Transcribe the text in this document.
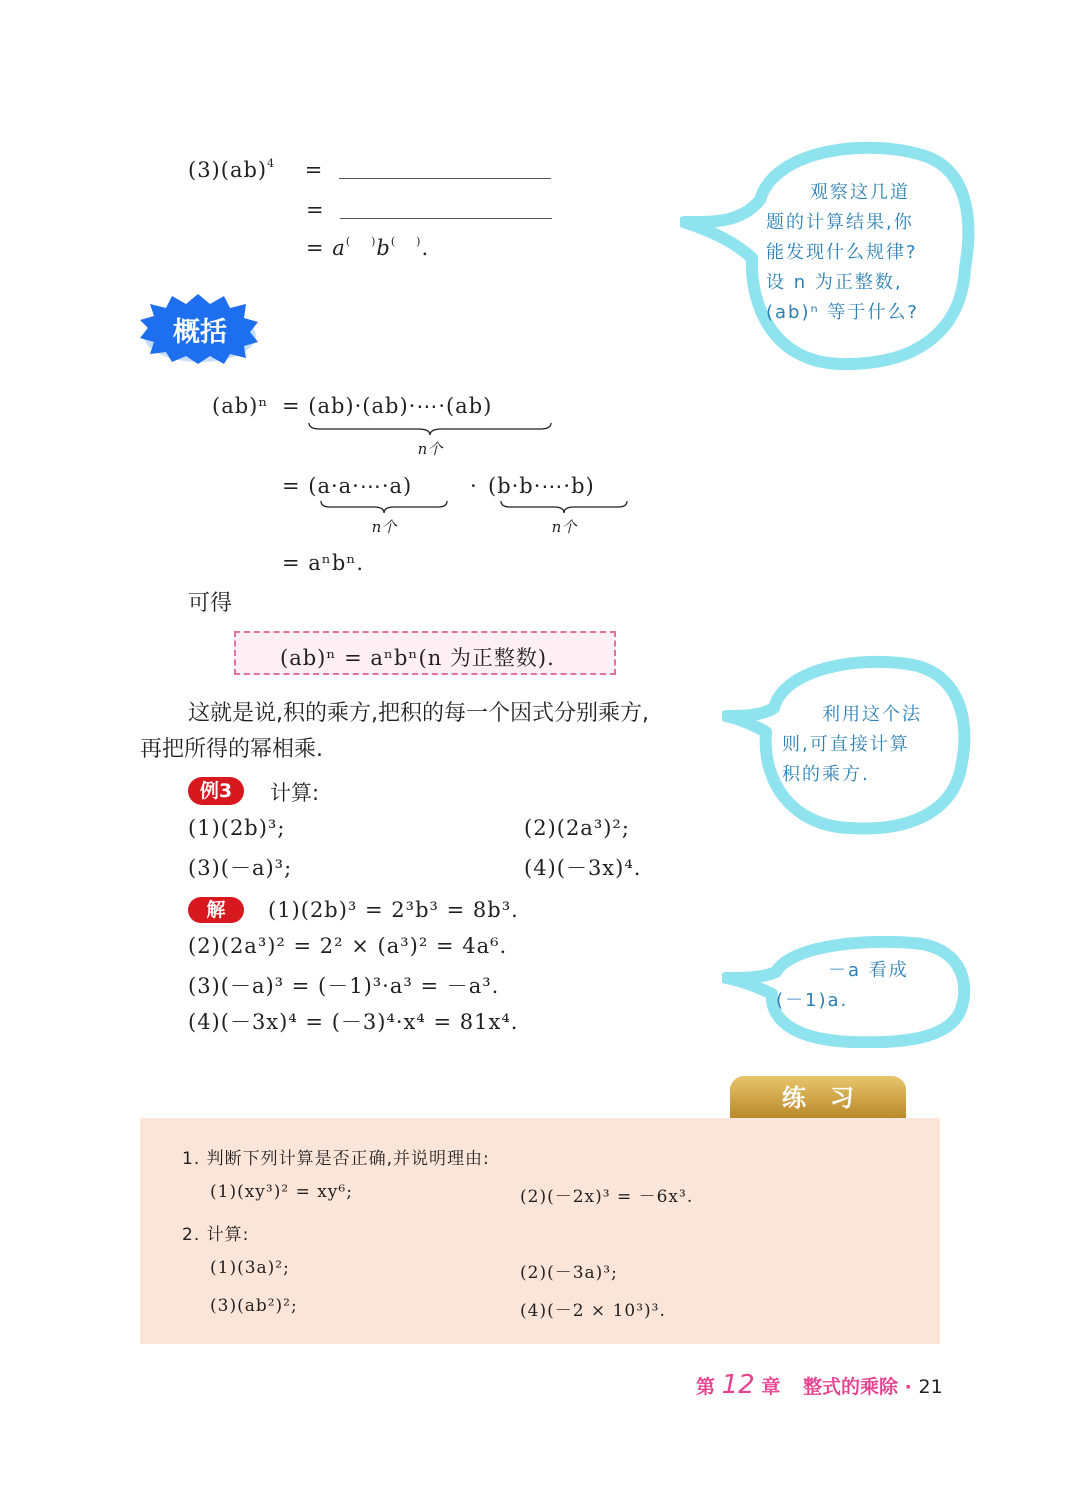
(3)(ab)$^4$ =
=
= a( )b( ).
观察这几道
题的计算结果,你
能发现什么规律?
设 n 为正整数,
(ab)ⁿ 等于什么?
概括
(ab)ⁿ = (ab)·(ab)·⋯·(ab)
n个
= (a·a·⋯·a)	· (b·b·⋯·b)
n个	n个
= aⁿbⁿ.
可得
(ab)ⁿ = aⁿbⁿ(n 为正整数).
利用这个法
则,可直接计算
积的乘方.
这就是说,积的乘方,把积的每一个因式分别乘方,
再把所得的幂相乘.
例3	计算:
(1)(2b)³;	(2)(2a³)²;
(3)(－a)³;	(4)(－3x)⁴.
解	(1)(2b)³ = 2³b³ = 8b³.
(2)(2a³)² = 2² × (a³)² = 4a⁶.
(3)(－a)³ = (－1)³·a³ = －a³.
(4)(－3x)⁴ = (－3)⁴·x⁴ = 81x⁴.
－a 看成
(－1)a.
练　习
1. 判断下列计算是否正确,并说明理由:
(1)(xy³)² = xy⁶;	(2)(－2x)³ = －6x³.
2. 计算:
(1)(3a)²;	(2)(－3a)³;
(3)(ab²)²;	(4)(－2 × 10³)³.
第 12 章 整式的乘除 · 21
